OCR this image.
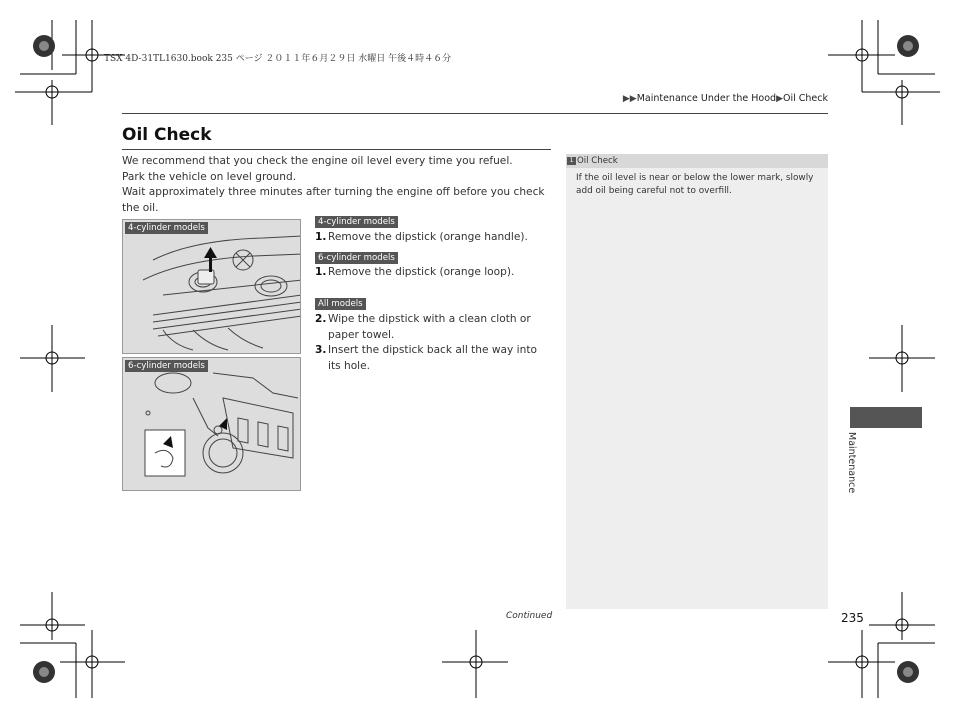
TSX 4D-31TL1630.book 235 ページ ２０１１年６月２９日 水曜日 午後４時４６分
▶▶Maintenance Under the Hood▶Oil Check
Oil Check

We recommend that you check the engine oil level every time you refuel.

Park the vehicle on level ground.

Wait approximately three minutes after turning the engine off before you check the oil.

4-cylinder models
6-cylinder models
4-cylinder models
1. Remove the dipstick (orange handle).
6-cylinder models
1. Remove the dipstick (orange loop).
All models
2. Wipe the dipstick with a clean cloth or paper towel.
3. Insert the dipstick back all the way into its hole.
1 Oil Check
If the oil level is near or below the lower mark, slowly add oil being careful not to overfill.
Maintenance
Continued	235
